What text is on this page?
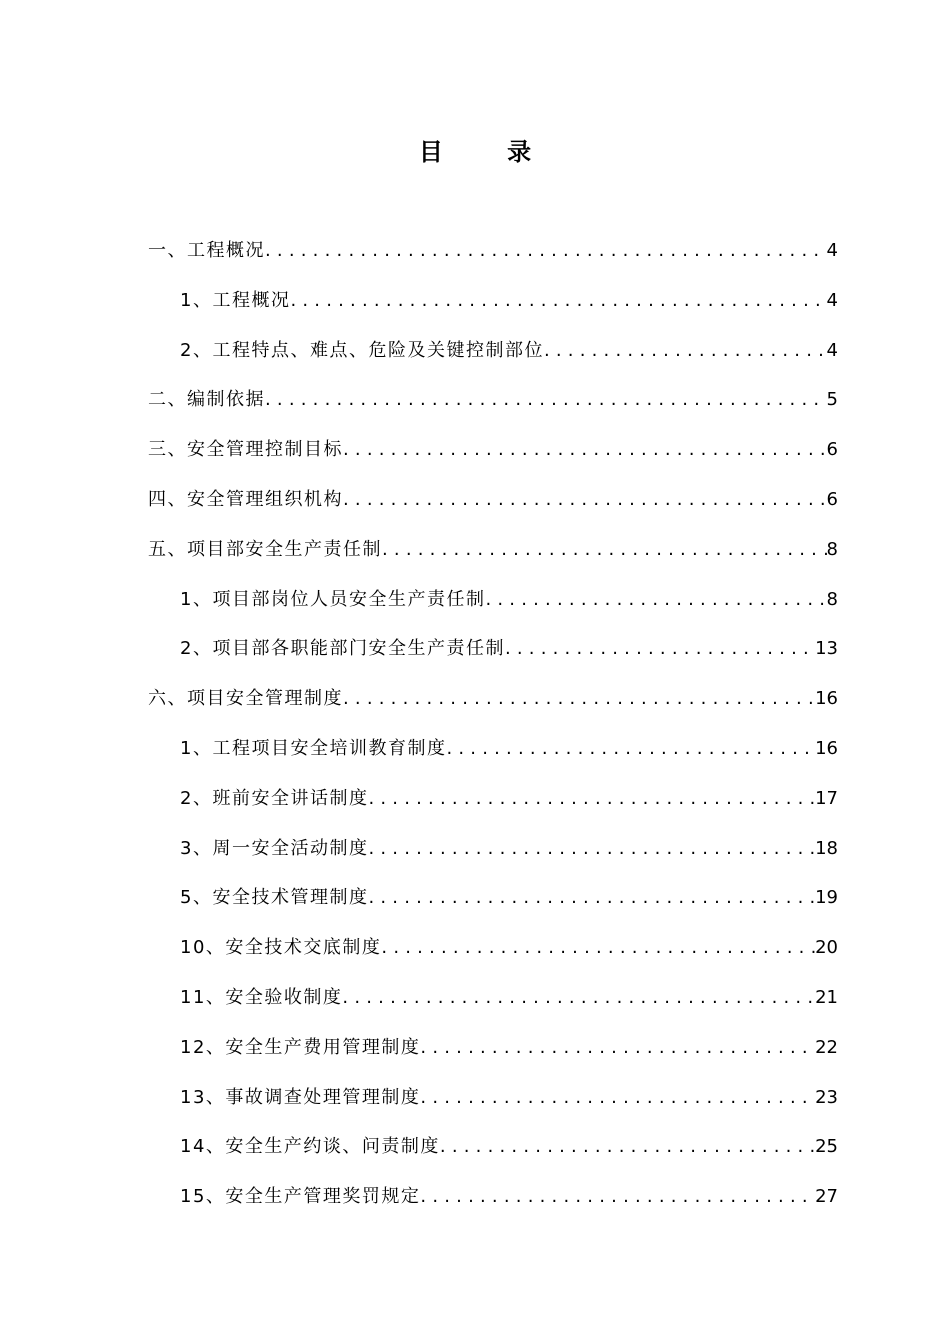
目 录
一、工程概况 .....	4
1、工程概况 .....	4
2、工程特点、难点、危险及关键控制部位 .....	4
二、编制依据 .....	5
三、安全管理控制目标 .....	6
四、安全管理组织机构 .....	6
五、项目部安全生产责任制 .....	8
1、项目部岗位人员安全生产责任制 .....	8
2、项目部各职能部门安全生产责任制 .....	13
六、项目安全管理制度 .....	16
1、工程项目安全培训教育制度 .....	16
2、班前安全讲话制度 .....	17
3、周一安全活动制度 .....	18
5、安全技术管理制度 .....	19
10、安全技术交底制度 .....	20
11、安全验收制度 .....	21
12、安全生产费用管理制度 .....	22
13、事故调查处理管理制度 .....	23
14、安全生产约谈、问责制度 .....	25
15、安全生产管理奖罚规定 .....	27
